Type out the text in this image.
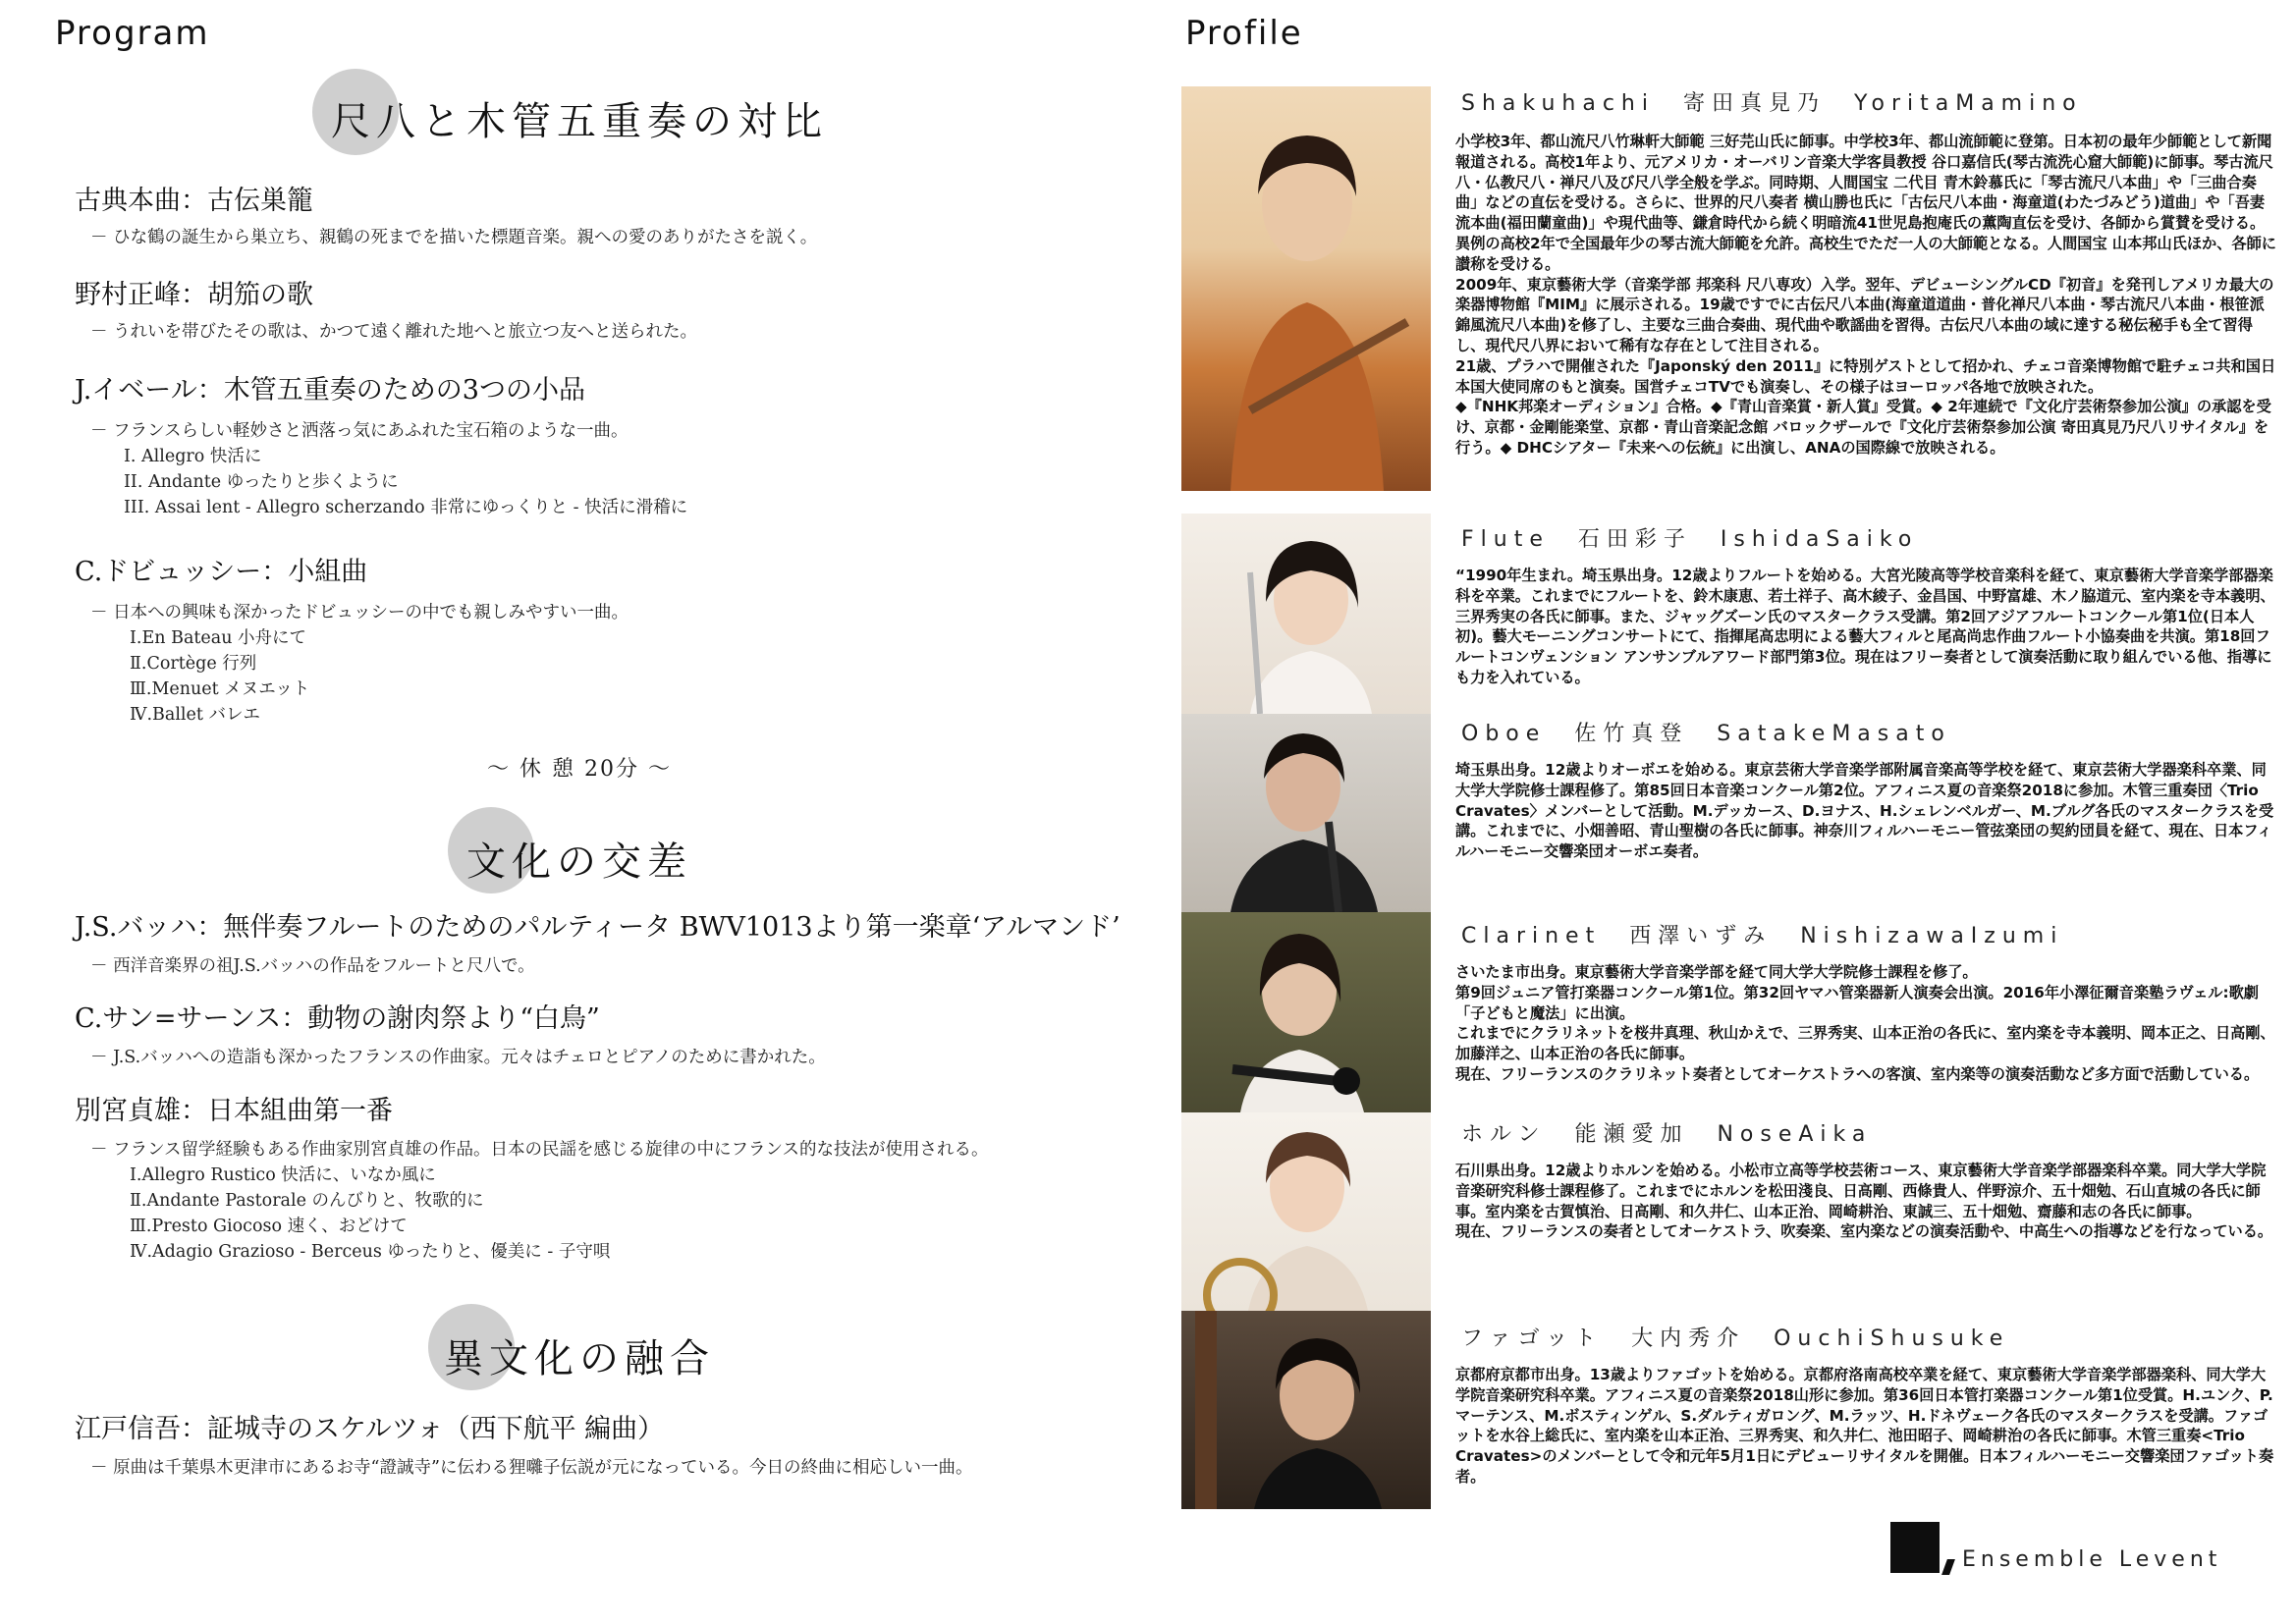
Program
尺八と木管五重奏の対比
古典本曲：古伝巣籠
－ ひな鶴の誕生から巣立ち、親鶴の死までを描いた標題音楽。親への愛のありがたさを説く。
野村正峰：胡笳の歌
－ うれいを帯びたその歌は、かつて遠く離れた地へと旅立つ友へと送られた。
J.イベール：木管五重奏のための3つの小品
－ フランスらしい軽妙さと洒落っ気にあふれた宝石箱のような一曲。
I. Allegro 快活に
II. Andante ゆったりと歩くように
III. Assai lent - Allegro scherzando 非常にゆっくりと - 快活に滑稽に
C.ドビュッシー：小組曲
－ 日本への興味も深かったドビュッシーの中でも親しみやすい一曲。
Ⅰ.En Bateau 小舟にて
Ⅱ.Cortège 行列
Ⅲ.Menuet メヌエット
Ⅳ.Ballet バレエ
～ 休 憩 20分 ～
文化の交差
J.S.バッハ：無伴奏フルートのためのパルティータ BWV1013より第一楽章‘アルマンド’
－ 西洋音楽界の祖J.S.バッハの作品をフルートと尺八で。
C.サン=サーンス：動物の謝肉祭より“白鳥”
－ J.S.バッハへの造詣も深かったフランスの作曲家。元々はチェロとピアノのために書かれた。
別宮貞雄：日本組曲第一番
－ フランス留学経験もある作曲家別宮貞雄の作品。日本の民謡を感じる旋律の中にフランス的な技法が使用される。
Ⅰ.Allegro Rustico 快活に、いなか風に
Ⅱ.Andante Pastorale のんびりと、牧歌的に
Ⅲ.Presto Giocoso 速く、おどけて
Ⅳ.Adagio Grazioso - Berceus ゆったりと、優美に - 子守唄
異文化の融合
江戸信吾：証城寺のスケルツォ（西下航平 編曲）
－ 原曲は千葉県木更津市にあるお寺“證誠寺”に伝わる狸囃子伝説が元になっている。今日の終曲に相応しい一曲。
Profile
Shakuhachi　寄田真見乃　YoritaMamino
小学校3年、都山流尺八竹琳軒大師範 三好芫山氏に師事。中学校3年、都山流師範に登第。日本初の最年少師範として新聞報道される。高校1年より、元アメリカ・オーバリン音楽大学客員教授 谷口嘉信氏(琴古流洗心窟大師範)に師事。琴古流尺八・仏教尺八・禅尺八及び尺八学全般を学ぶ。同時期、人間国宝 二代目 青木鈴慕氏に「琴古流尺八本曲」や「三曲合奏曲」などの直伝を受ける。さらに、世界的尺八奏者 横山勝也氏に「古伝尺八本曲・海童道(わたづみどう)道曲」や「吾妻流本曲(福田蘭童曲)」や現代曲等、鎌倉時代から続く明暗流41世児島抱庵氏の薫陶直伝を受け、各師から賞賛を受ける。異例の高校2年で全国最年少の琴古流大師範を允許。高校生でただ一人の大師範となる。人間国宝 山本邦山氏ほか、各師に讃称を受ける。
2009年、東京藝術大学（音楽学部 邦楽科 尺八専攻）入学。翌年、デビューシングルCD『初音』を発刊しアメリカ最大の楽器博物館『MIM』に展示される。19歳ですでに古伝尺八本曲(海童道道曲・普化禅尺八本曲・琴古流尺八本曲・根笹派錦風流尺八本曲)を修了し、主要な三曲合奏曲、現代曲や歌謡曲を習得。古伝尺八本曲の域に達する秘伝秘手も全て習得し、現代尺八界において稀有な存在として注目される。
21歳、プラハで開催された『Japonský den 2011』に特別ゲストとして招かれ、チェコ音楽博物館で駐チェコ共和国日本国大使同席のもと演奏。国営チェコTVでも演奏し、その様子はヨーロッパ各地で放映された。
◆『NHK邦楽オーディション』合格。◆『青山音楽賞・新人賞』受賞。◆ 2年連続で『文化庁芸術祭参加公演』の承認を受け、京都・金剛能楽堂、京都・青山音楽記念館 バロックザールで『文化庁芸術祭参加公演 寄田真見乃尺八リサイタル』を行う。◆ DHCシアター『未来への伝統』に出演し、ANAの国際線で放映される。
Flute　石田彩子　IshidaSaiko
“1990年生まれ。埼玉県出身。12歳よりフルートを始める。大宮光陵高等学校音楽科を経て、東京藝術大学音楽学部器楽科を卒業。これまでにフルートを、鈴木康恵、若土祥子、高木綾子、金昌国、中野富雄、木ノ脇道元、室内楽を寺本義明、三界秀実の各氏に師事。また、ジャッグズーン氏のマスタークラス受講。第2回アジアフルートコンクール第1位(日本人初)。藝大モーニングコンサートにて、指揮尾高忠明による藝大フィルと尾高尚忠作曲フルート小協奏曲を共演。第18回フルートコンヴェンション アンサンブルアワード部門第3位。現在はフリー奏者として演奏活動に取り組んでいる他、指導にも力を入れている。
Oboe　佐竹真登　SatakeMasato
埼玉県出身。12歳よりオーボエを始める。東京芸術大学音楽学部附属音楽高等学校を経て、東京芸術大学器楽科卒業、同大学大学院修士課程修了。第85回日本音楽コンクール第2位。アフィニス夏の音楽祭2018に参加。木管三重奏団〈Trio Cravates〉メンバーとして活動。M.デッカース、D.ヨナス、H.シェレンベルガー、M.ブルグ各氏のマスタークラスを受講。これまでに、小畑善昭、青山聖樹の各氏に師事。神奈川フィルハーモニー管弦楽団の契約団員を経て、現在、日本フィルハーモニー交響楽団オーボエ奏者。
Clarinet　西澤いずみ　NishizawaIzumi
さいたま市出身。東京藝術大学音楽学部を経て同大学大学院修士課程を修了。
第9回ジュニア管打楽器コンクール第1位。第32回ヤマハ管楽器新人演奏会出演。2016年小澤征爾音楽塾ラヴェル:歌劇「子どもと魔法」に出演。
これまでにクラリネットを桜井真理、秋山かえで、三界秀実、山本正治の各氏に、室内楽を寺本義明、岡本正之、日高剛、加藤洋之、山本正治の各氏に師事。
現在、フリーランスのクラリネット奏者としてオーケストラへの客演、室内楽等の演奏活動など多方面で活動している。
ホルン　能瀬愛加　NoseAika
石川県出身。12歳よりホルンを始める。小松市立高等学校芸術コース、東京藝術大学音楽学部器楽科卒業。同大学大学院音楽研究科修士課程修了。これまでにホルンを松田淺良、日高剛、西條貴人、伴野涼介、五十畑勉、石山直城の各氏に師事。室内楽を古賀慎治、日高剛、和久井仁、山本正治、岡崎耕治、東誠三、五十畑勉、齋藤和志の各氏に師事。
現在、フリーランスの奏者としてオーケストラ、吹奏楽、室内楽などの演奏活動や、中高生への指導などを行なっている。
ファゴット　大内秀介　OuchiShusuke
京都府京都市出身。13歳よりファゴットを始める。京都府洛南高校卒業を経て、東京藝術大学音楽学部器楽科、同大学大学院音楽研究科卒業。アフィニス夏の音楽祭2018山形に参加。第36回日本管打楽器コンクール第1位受賞。H.ユンク、P.マーテンス、M.ボスティンゲル、S.ダルティガロング、M.ラッツ、H.ドネヴェーク各氏のマスタークラスを受講。ファゴットを水谷上総氏に、室内楽を山本正治、三界秀実、和久井仁、池田昭子、岡崎耕治の各氏に師事。木管三重奏<Trio Cravates>のメンバーとして令和元年5月1日にデビューリサイタルを開催。日本フィルハーモニー交響楽団ファゴット奏者。
Ensemble Levent
